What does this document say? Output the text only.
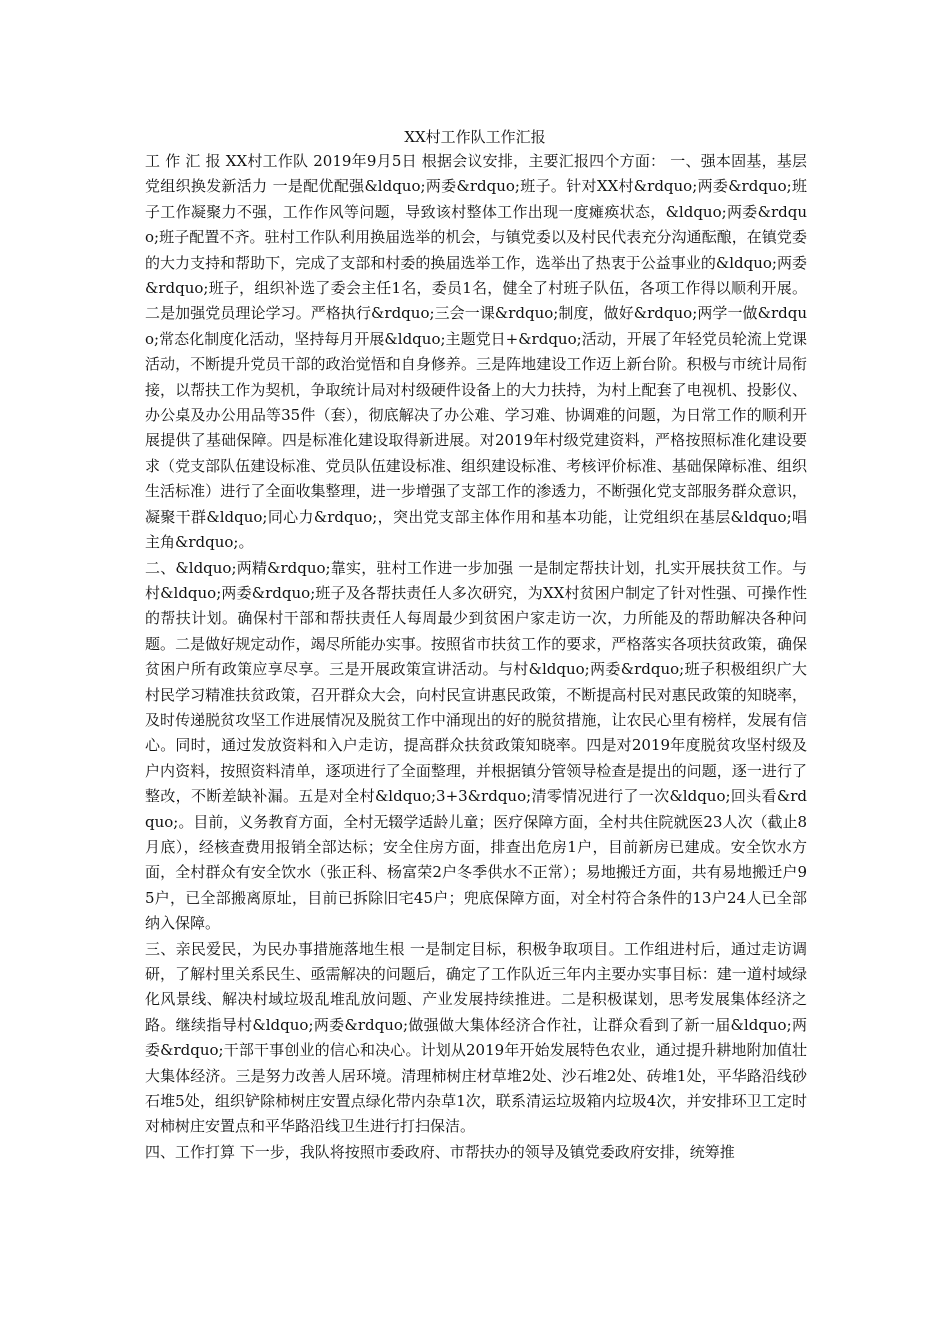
XX村工作队工作汇报

工 作 汇 报 XX村工作队 2019年9月5日 根据会议安排，主要汇报四个方面： 一、强本固基，基层党组织换发新活力 一是配优配强&ldquo;两委&rdquo;班子。针对XX村&rdquo;两委&rdquo;班子工作凝聚力不强，工作作风等问题，导致该村整体工作出现一度瘫痪状态，&ldquo;两委&rdquo;班子配置不齐。驻村工作队利用换届选举的机会，与镇党委以及村民代表充分沟通酝酿，在镇党委的大力支持和帮助下，完成了支部和村委的换届选举工作，选举出了热衷于公益事业的&ldquo;两委&rdquo;班子，组织补选了委会主任1名，委员1名，健全了村班子队伍，各项工作得以顺利开展。二是加强党员理论学习。严格执行&rdquo;三会一课&rdquo;制度，做好&rdquo;两学一做&rdquo;常态化制度化活动，坚持每月开展&ldquo;主题党日+&rdquo;活动，开展了年轻党员轮流上党课活动，不断提升党员干部的政治觉悟和自身修养。三是阵地建设工作迈上新台阶。积极与市统计局衔接，以帮扶工作为契机，争取统计局对村级硬件设备上的大力扶持，为村上配套了电视机、投影仪、办公桌及办公用品等35件（套），彻底解决了办公难、学习难、协调难的问题，为日常工作的顺利开展提供了基础保障。四是标准化建设取得新进展。对2019年村级党建资料，严格按照标准化建设要求（党支部队伍建设标准、党员队伍建设标准、组织建设标准、考核评价标准、基础保障标准、组织生活标准）进行了全面收集整理，进一步增强了支部工作的渗透力，不断强化党支部服务群众意识，凝聚干群&ldquo;同心力&rdquo;，突出党支部主体作用和基本功能，让党组织在基层&ldquo;唱主角&rdquo;。

二、&ldquo;两精&rdquo;靠实，驻村工作进一步加强 一是制定帮扶计划，扎实开展扶贫工作。与村&ldquo;两委&rdquo;班子及各帮扶责任人多次研究，为XX村贫困户制定了针对性强、可操作性的帮扶计划。确保村干部和帮扶责任人每周最少到贫困户家走访一次，力所能及的帮助解决各种问题。二是做好规定动作，竭尽所能办实事。按照省市扶贫工作的要求，严格落实各项扶贫政策，确保贫困户所有政策应享尽享。三是开展政策宣讲活动。与村&ldquo;两委&rdquo;班子积极组织广大村民学习精准扶贫政策，召开群众大会，向村民宣讲惠民政策，不断提高村民对惠民政策的知晓率，及时传递脱贫攻坚工作进展情况及脱贫工作中涌现出的好的脱贫措施，让农民心里有榜样，发展有信心。同时，通过发放资料和入户走访，提高群众扶贫政策知晓率。四是对2019年度脱贫攻坚村级及户内资料，按照资料清单，逐项进行了全面整理，并根据镇分管领导检查是提出的问题，逐一进行了整改，不断差缺补漏。五是对全村&ldquo;3+3&rdquo;清零情况进行了一次&ldquo;回头看&rdquo;。目前，义务教育方面，全村无辍学适龄儿童；医疗保障方面，全村共住院就医23人次（截止8月底），经核查费用报销全部达标；安全住房方面，排查出危房1户，目前新房已建成。安全饮水方面，全村群众有安全饮水（张正科、杨富荣2户冬季供水不正常）；易地搬迁方面，共有易地搬迁户95户，已全部搬离原址，目前已拆除旧宅45户；兜底保障方面，对全村符合条件的13户24人已全部纳入保障。

三、亲民爱民，为民办事措施落地生根 一是制定目标，积极争取项目。工作组进村后，通过走访调研，了解村里关系民生、亟需解决的问题后，确定了工作队近三年内主要办实事目标：建一道村域绿化风景线、解决村域垃圾乱堆乱放问题、产业发展持续推进。二是积极谋划，思考发展集体经济之路。继续指导村&ldquo;两委&rdquo;做强做大集体经济合作社，让群众看到了新一届&ldquo;两委&rdquo;干部干事创业的信心和决心。计划从2019年开始发展特色农业，通过提升耕地附加值壮大集体经济。三是努力改善人居环境。清理柿树庄材草堆2处、沙石堆2处、砖堆1处，平华路沿线砂石堆5处，组织铲除柿树庄安置点绿化带内杂草1次，联系清运垃圾箱内垃圾4次，并安排环卫工定时对柿树庄安置点和平华路沿线卫生进行打扫保洁。

四、工作打算 下一步，我队将按照市委政府、市帮扶办的领导及镇党委政府安排，统筹推
